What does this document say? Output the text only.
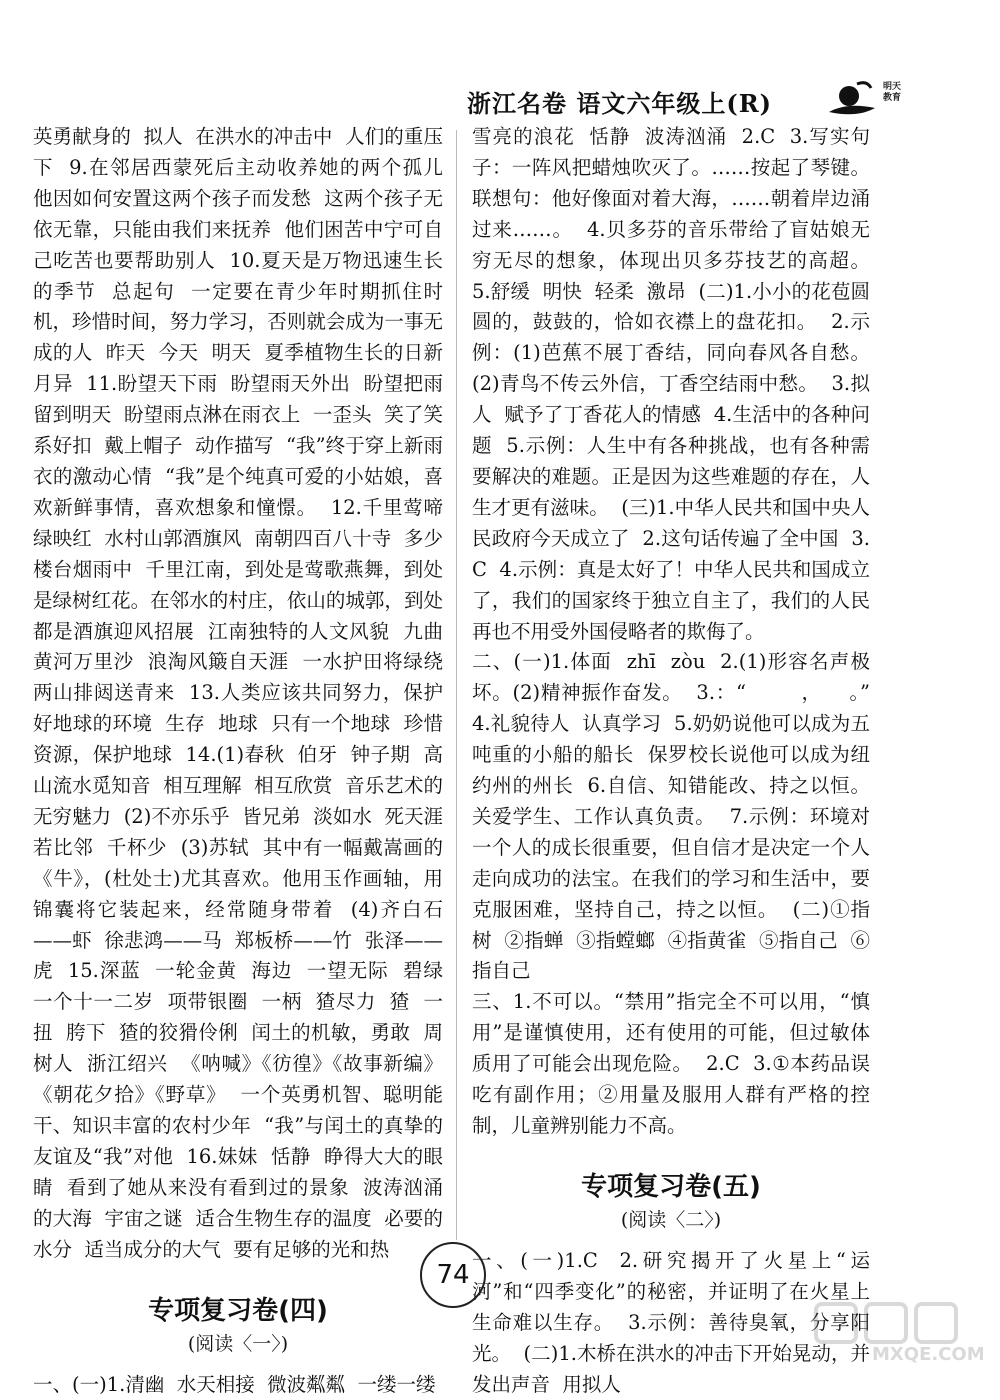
浙江名卷 语文六年级上(R)
明天教育

英勇献身的  拟人  在洪水的冲击中  人们的重压下  9.在邻居西蒙死后主动收养她的两个孤儿  他因如何安置这两个孩子而发愁  这两个孩子无依无靠，只能由我们来抚养  他们困苦中宁可自己吃苦也要帮助别人  10.夏天是万物迅速生长的季节  总起句  一定要在青少年时期抓住时机，珍惜时间，努力学习，否则就会成为一事无成的人  昨天  今天  明天  夏季植物生长的日新月异  11.盼望天下雨  盼望雨天外出  盼望把雨留到明天  盼望雨点淋在雨衣上  一歪头  笑了笑  系好扣  戴上帽子  动作描写  “我”终于穿上新雨衣的激动心情  “我”是个纯真可爱的小姑娘，喜欢新鲜事情，喜欢想象和憧憬。  12.千里莺啼绿映红  水村山郭酒旗风  南朝四百八十寺  多少楼台烟雨中  千里江南，到处是莺歌燕舞，到处是绿树红花。在邻水的村庄，依山的城郭，到处都是酒旗迎风招展  江南独特的人文风貌  九曲黄河万里沙  浪淘风簸自天涯  一水护田将绿绕  两山排闼送青来  13.人类应该共同努力，保护好地球的环境  生存  地球  只有一个地球  珍惜资源，保护地球  14.(1)春秋  伯牙  钟子期  高山流水觅知音  相互理解  相互欣赏  音乐艺术的无穷魅力  (2)不亦乐乎  皆兄弟  淡如水  死天涯若比邻  千杯少  (3)苏轼  其中有一幅戴嵩画的《牛》，(杜处士)尤其喜欢。他用玉作画轴，用锦囊将它装起来，经常随身带着  (4)齐白石——虾  徐悲鸿——马  郑板桥——竹  张泽——虎  15.深蓝  一轮金黄  海边  一望无际  碧绿  一个十一二岁  项带银圈  一柄  猹尽力  猹  一扭  胯下  猹的狡猾伶俐  闰土的机敏，勇敢  周树人  浙江绍兴  《呐喊》《彷徨》《故事新编》《朝花夕拾》《野草》  一个英勇机智、聪明能干、知识丰富的农村少年  “我”与闰土的真挚的友谊及“我”对他  16.妹妹  恬静  睁得大大的眼睛  看到了她从来没有看到过的景象  波涛汹涌的大海  宇宙之谜  适合生物生存的温度  必要的水分  适当成分的大气  要有足够的光和热

专项复习卷(四)
(阅读〈一〉)

一、(一)1.清幽  水天相接  微波粼粼  一缕一缕

雪亮的浪花  恬静  波涛汹涌  2.C  3.写实句子：一阵风把蜡烛吹灭了。……按起了琴键。联想句：他好像面对着大海，……朝着岸边涌过来……。  4.贝多芬的音乐带给了盲姑娘无穷无尽的想象，体现出贝多芬技艺的高超。  5.舒缓  明快  轻柔  激昂  (二)1.小小的花苞圆圆的，鼓鼓的，恰如衣襟上的盘花扣。  2.示例：(1)芭蕉不展丁香结，同向春风各自愁。(2)青鸟不传云外信，丁香空结雨中愁。  3.拟人  赋予了丁香花人的情感  4.生活中的各种问题  5.示例：人生中有各种挑战，也有各种需要解决的难题。正是因为这些难题的存在，人生才更有滋味。  (三)1.中华人民共和国中央人民政府今天成立了  2.这句话传遍了全中国  3.C  4.示例：真是太好了！中华人民共和国成立了，我们的国家终于独立自主了，我们的人民再也不用受外国侵略者的欺侮了。

二、(一)1.体面  zhī  zòu  2.(1)形容名声极坏。(2)精神振作奋发。  3.：“        ，    。”  4.礼貌待人  认真学习  5.奶奶说他可以成为五吨重的小船的船长  保罗校长说他可以成为纽约州的州长  6.自信、知错能改、持之以恒。  关爱学生、工作认真负责。  7.示例：环境对一个人的成长很重要，但自信才是决定一个人走向成功的法宝。在我们的学习和生活中，要克服困难，坚持自己，持之以恒。  (二)①指树  ②指蝉  ③指螳螂  ④指黄雀  ⑤指自己  ⑥指自己

三、1.不可以。“禁用”指完全不可以用，“慎用”是谨慎使用，还有使用的可能，但过敏体质用了可能会出现危险。  2.C  3.①本药品误吃有副作用；②用量及服用人群有严格的控制，儿童辨别能力不高。

专项复习卷(五)
(阅读〈二〉)

一、(一)1.C  2.研究揭开了火星上“运河”和“四季变化”的秘密，并证明了在火星上生命难以生存。  3.示例：善待臭氧，分享阳光。  (二)1.木桥在洪水的冲击下开始晃动，并发出声音  用拟人

74
MXQE.COM
